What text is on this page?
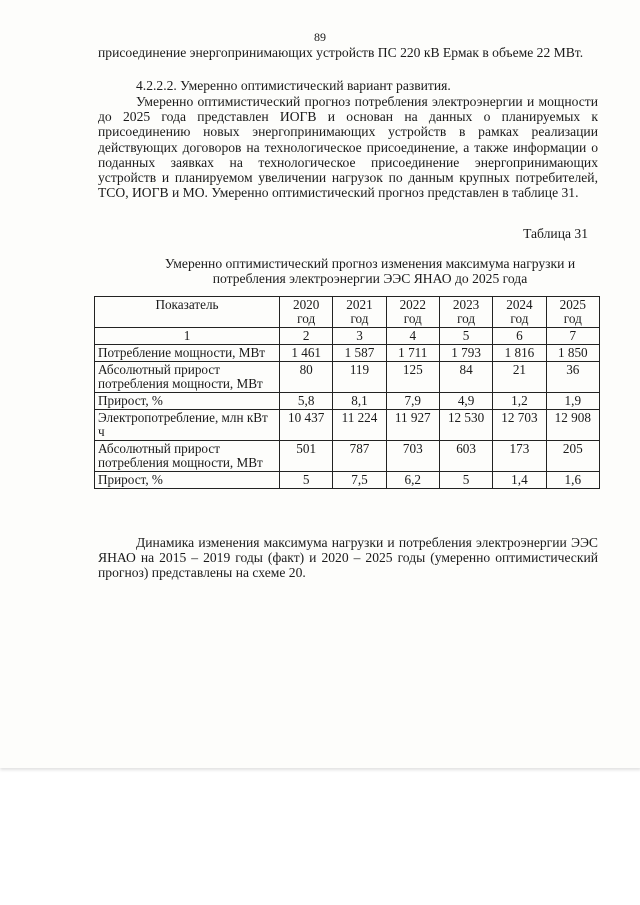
89

присоединение энергопринимающих устройств ПС 220 кВ Ермак в объеме 22 МВт.

4.2.2.2. Умеренно оптимистический вариант развития.

Умеренно оптимистический прогноз потребления электроэнергии и мощности до 2025 года представлен ИОГВ и основан на данных о планируемых к присоединению новых энергопринимающих устройств в рамках реализации действующих договоров на технологическое присоединение, а также информации о поданных заявках на технологическое присоединение энергопринимающих устройств и планируемом увеличении нагрузок по данным крупных потребителей, ТСО, ИОГВ и МО. Умеренно оптимистический прогноз представлен в таблице 31.

Таблица 31
Умеренно оптимистический прогноз изменения максимума нагрузки и потребления электроэнергии ЭЭС ЯНАО до 2025 года
Показатель	2020 год	2021 год	2022 год	2023 год	2024 год	2025 год
1	2	3	4	5	6	7
Потребление мощности, МВт	1 461	1 587	1 711	1 793	1 816	1 850
Абсолютный прирост потребления мощности, МВт	80	119	125	84	21	36
Прирост, %	5,8	8,1	7,9	4,9	1,2	1,9
Электропотребление, млн кВт ч	10 437	11 224	11 927	12 530	12 703	12 908
Абсолютный прирост потребления мощности, МВт	501	787	703	603	173	205
Прирост, %	5	7,5	6,2	5	1,4	1,6

Динамика изменения максимума нагрузки и потребления электроэнергии ЭЭС ЯНАО на 2015 – 2019 годы (факт) и 2020 – 2025 годы (умеренно оптимистический прогноз) представлены на схеме 20.
